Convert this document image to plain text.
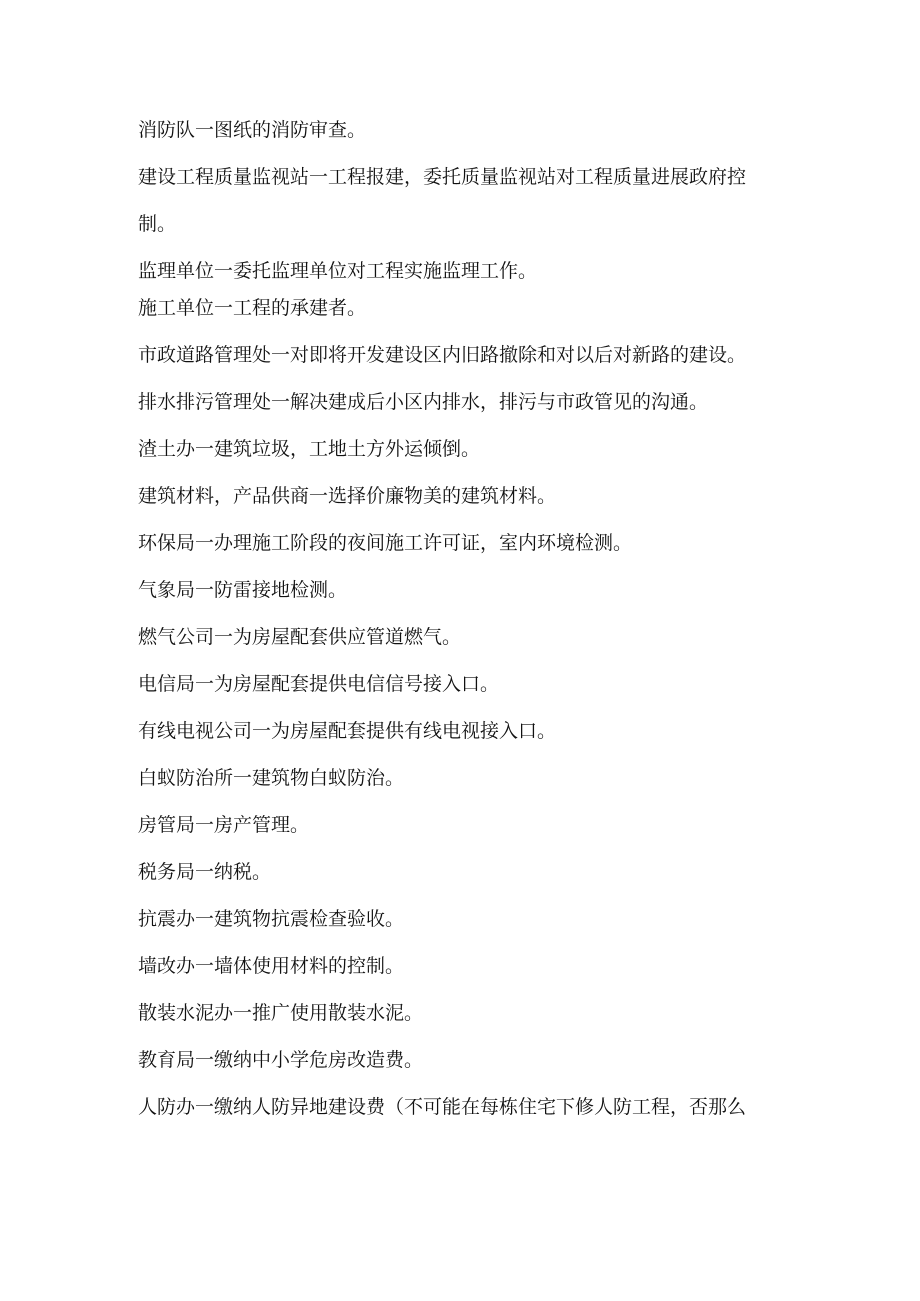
消防队一图纸的消防审查。
建设工程质量监视站一工程报建，委托质量监视站对工程质量进展政府控
制。
监理单位一委托监理单位对工程实施监理工作。
施工单位一工程的承建者。
市政道路管理处一对即将开发建设区内旧路撤除和对以后对新路的建设。
排水排污管理处一解决建成后小区内排水，排污与市政管见的沟通。
渣土办一建筑垃圾，工地土方外运倾倒。
建筑材料，产品供商一选择价廉物美的建筑材料。
环保局一办理施工阶段的夜间施工许可证，室内环境检测。
气象局一防雷接地检测。
燃气公司一为房屋配套供应管道燃气。
电信局一为房屋配套提供电信信号接入口。
有线电视公司一为房屋配套提供有线电视接入口。
白蚁防治所一建筑物白蚁防治。
房管局一房产管理。
税务局一纳税。
抗震办一建筑物抗震检查验收。
墙改办一墙体使用材料的控制。
散装水泥办一推广使用散装水泥。
教育局一缴纳中小学危房改造费。
人防办一缴纳人防异地建设费（不可能在每栋住宅下修人防工程，否那么
